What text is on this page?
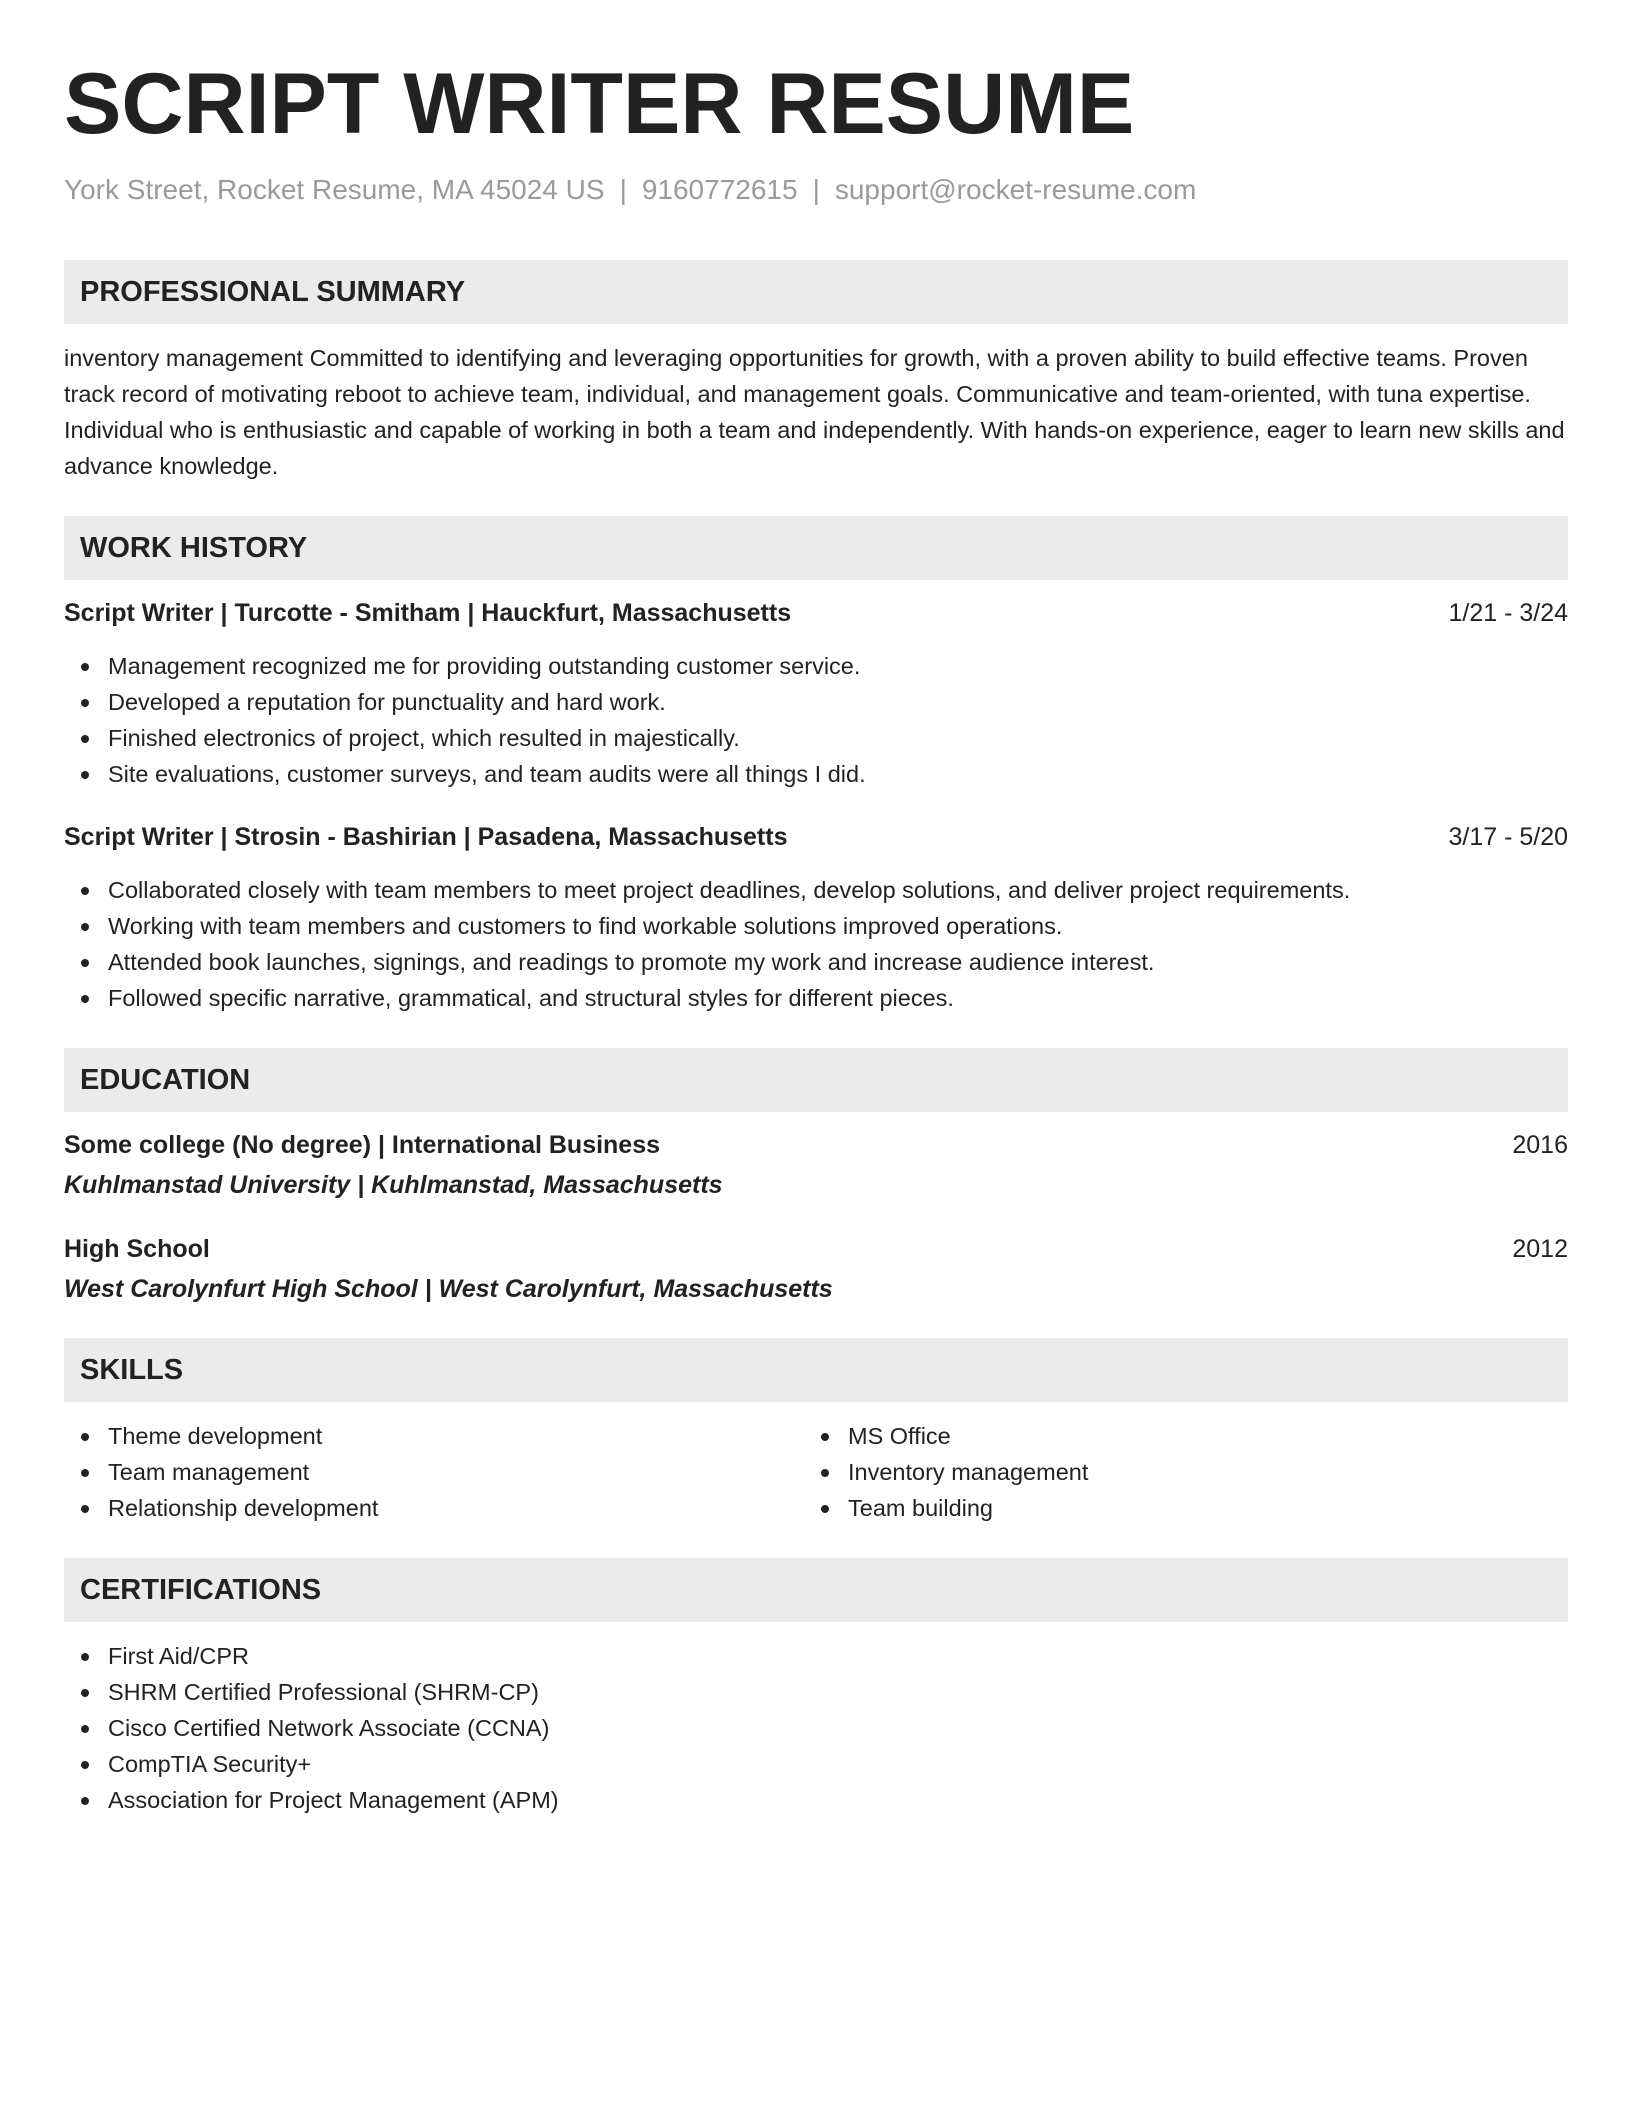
SCRIPT WRITER RESUME
York Street, Rocket Resume, MA 45024 US | 9160772615 | support@rocket-resume.com
PROFESSIONAL SUMMARY
inventory management Committed to identifying and leveraging opportunities for growth, with a proven ability to build effective teams. Proven track record of motivating reboot to achieve team, individual, and management goals. Communicative and team-oriented, with tuna expertise. Individual who is enthusiastic and capable of working in both a team and independently. With hands-on experience, eager to learn new skills and advance knowledge.
WORK HISTORY
Script Writer | Turcotte - Smitham | Hauckfurt, Massachusetts	1/21 - 3/24
Management recognized me for providing outstanding customer service.
Developed a reputation for punctuality and hard work.
Finished electronics of project, which resulted in majestically.
Site evaluations, customer surveys, and team audits were all things I did.
Script Writer | Strosin - Bashirian | Pasadena, Massachusetts	3/17 - 5/20
Collaborated closely with team members to meet project deadlines, develop solutions, and deliver project requirements.
Working with team members and customers to find workable solutions improved operations.
Attended book launches, signings, and readings to promote my work and increase audience interest.
Followed specific narrative, grammatical, and structural styles for different pieces.
EDUCATION
Some college (No degree) | International Business	2016
Kuhlmanstad University | Kuhlmanstad, Massachusetts
High School	2012
West Carolynfurt High School | West Carolynfurt, Massachusetts
SKILLS
Theme development
Team management
Relationship development
MS Office
Inventory management
Team building
CERTIFICATIONS
First Aid/CPR
SHRM Certified Professional (SHRM-CP)
Cisco Certified Network Associate (CCNA)
CompTIA Security+
Association for Project Management (APM)
